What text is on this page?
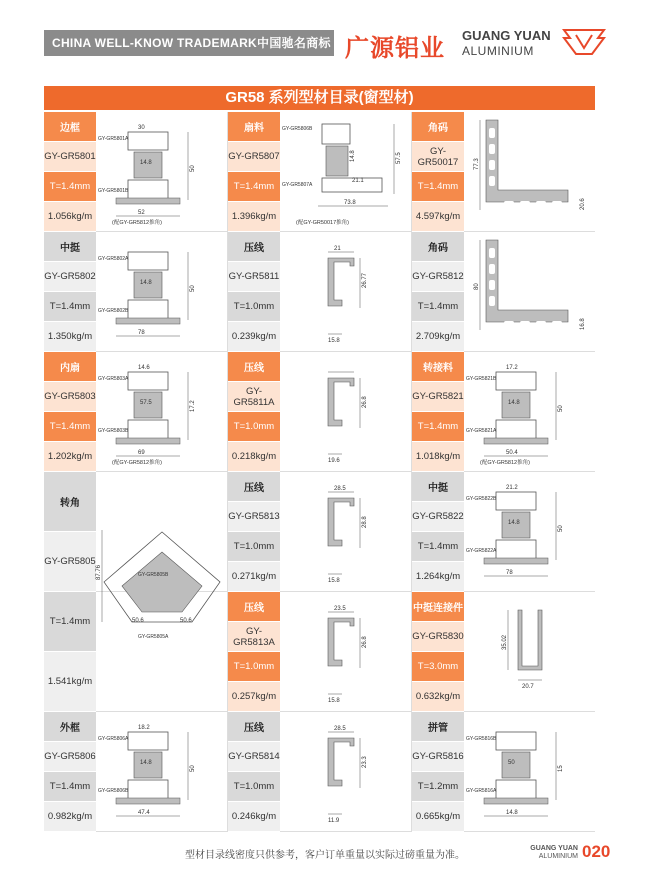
CHINA WELL-KNOW TRADEMARK中国驰名商标 广源铝业 GUANG YUAN
ALUMINIUM
GR58 系列型材目录(窗型材)
边框
GY-GR5801
T=1.4mm
1.056kg/m	52
50
14.8
30
GY-GR5801A
GY-GR5801B
(配GY-GR5812推角)
扇料
GY-GR5807
T=1.4mm
1.396kg/m
73.8
57.5
14.8
21.1
GY-GR5806B
GY-GR5807A
(配GY-GR50017推角)
角码
GY-GR50017
T=1.4mm
4.597kg/m
77.3
20.6
中挺
GY-GR5802
T=1.4mm
1.350kg/m	78
50
14.8
GY-GR5802A
GY-GR5802B
压线
GY-GR5811
T=1.0mm
0.239kg/m
21
26.77
15.8
角码
GY-GR5812
T=1.4mm
2.709kg/m
80
16.8
内扇
GY-GR5803
T=1.4mm
1.202kg/m	69
17.2
57.5
14.6
GY-GR5803A
GY-GR5803B
(配GY-GR5812推角)
压线
GY-GR5811A
T=1.0mm
0.218kg/m
26.8
19.6
转接料
GY-GR5821
T=1.4mm
1.018kg/m	50.4
50
14.8
17.2
GY-GR5821B
GY-GR5821A
(配GY-GR5812推角)
转角
GY-GR5805
T=1.4mm
1.541kg/m
87.76
50.6	50.6
GY-GR5805B
GY-GR5805A
压线
GY-GR5813
T=1.0mm
0.271kg/m
28.5
28.8
15.8
中挺
GY-GR5822
T=1.4mm
1.264kg/m	78
50
14.8
21.2
GY-GR5822B
GY-GR5822A
压线
GY-GR5813A
T=1.0mm
0.257kg/m
23.5
26.8
15.8
中挺连接件
GY-GR5830
T=3.0mm
0.632kg/m
35.02
20.7
外框
GY-GR5806
T=1.4mm
0.982kg/m	47.4
50
14.8
18.2
GY-GR5806A
GY-GR5806B
压线
GY-GR5814
T=1.0mm
0.246kg/m
28.5
23.3
11.9
拼管
GY-GR5816
T=1.2mm
0.665kg/m	14.8
15
50
GY-GR5816B
GY-GR5816A
型材目录线密度只供参考，客户订单重量以实际过磅重量为准。
GUANG YUAN
ALUMINIUM 020
